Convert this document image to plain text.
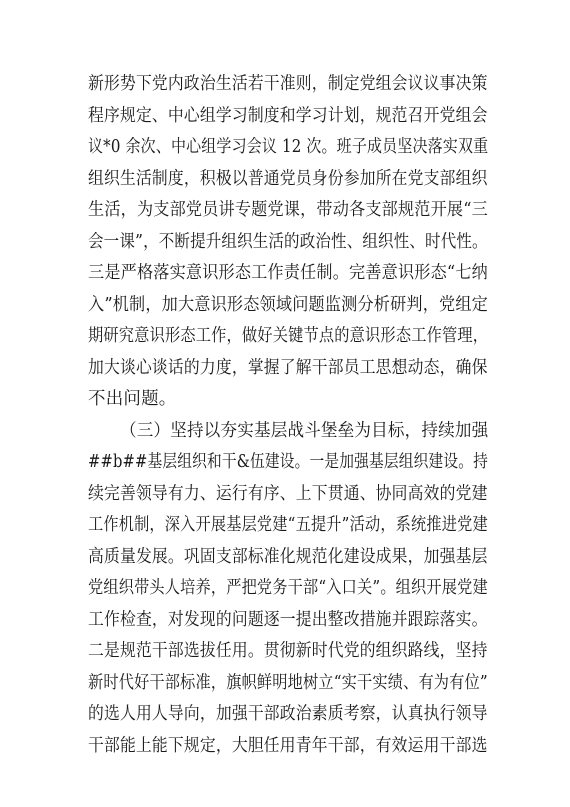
新形势下党内政治生活若干准则，制定党组会议议事决策
程序规定、中心组学习制度和学习计划，规范召开党组会
议*0 余次、中心组学习会议 12 次。班子成员坚决落实双重
组织生活制度，积极以普通党员身份参加所在党支部组织
生活，为支部党员讲专题党课，带动各支部规范开展“三
会一课”，不断提升组织生活的政治性、组织性、时代性。
三是严格落实意识形态工作责任制。完善意识形态“七纳
入”机制，加大意识形态领域问题监测分析研判，党组定
期研究意识形态工作，做好关键节点的意识形态工作管理，
加大谈心谈话的力度，掌握了解干部员工思想动态，确保
不出问题。
（三）坚持以夯实基层战斗堡垒为目标，持续加强
##b##基层组织和干&伍建设。一是加强基层组织建设。持
续完善领导有力、运行有序、上下贯通、协同高效的党建
工作机制，深入开展基层党建“五提升”活动，系统推进党建
高质量发展。巩固支部标准化规范化建设成果，加强基层
党组织带头人培养，严把党务干部“入口关”。组织开展党建
工作检查，对发现的问题逐一提出整改措施并跟踪落实。
二是规范干部选拔任用。贯彻新时代党的组织路线，坚持
新时代好干部标准，旗帜鲜明地树立“实干实绩、有为有位”
的选人用人导向，加强干部政治素质考察，认真执行领导
干部能上能下规定，大胆任用青年干部，有效运用干部选
